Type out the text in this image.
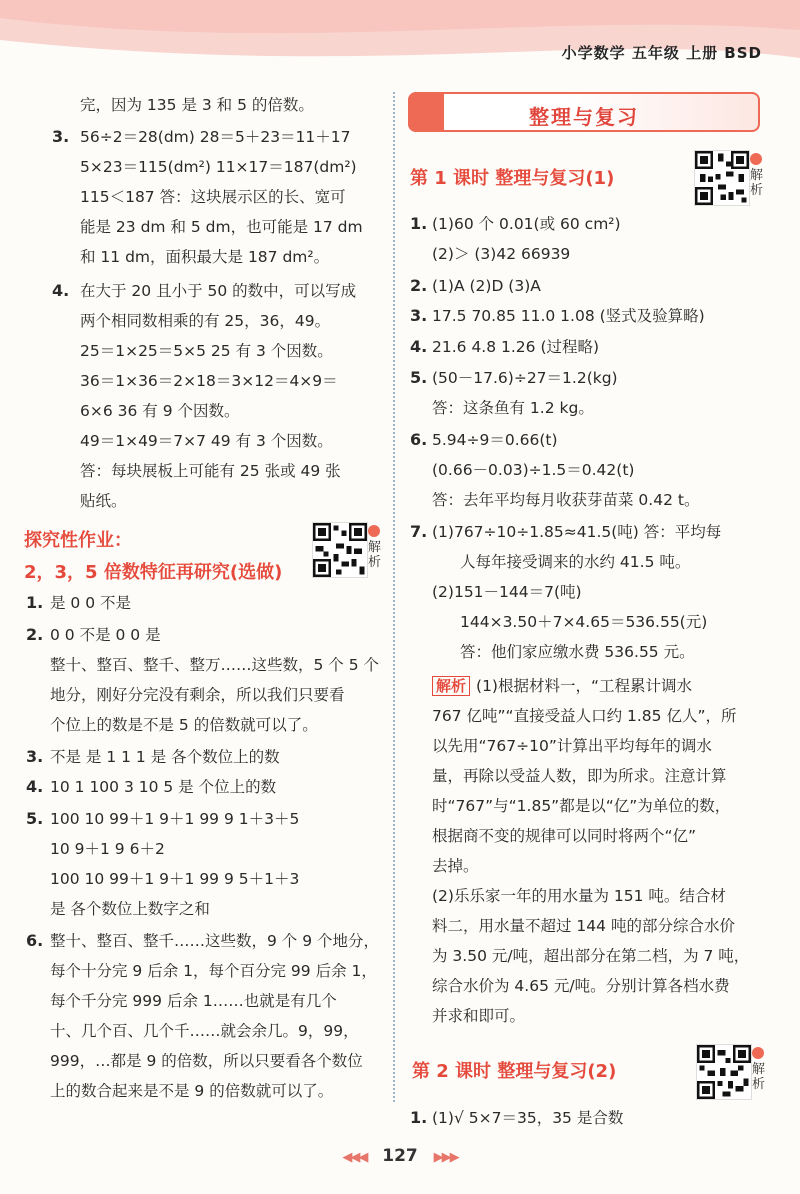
小学数学 五年级 上册 BSD
完，因为 135 是 3 和 5 的倍数。
3. 56÷2＝28(dm) 28＝5＋23＝11＋17
5×23＝115(dm²) 11×17＝187(dm²)
115＜187 答：这块展示区的长、宽可
能是 23 dm 和 5 dm，也可能是 17 dm
和 11 dm，面积最大是 187 dm²。
4. 在大于 20 且小于 50 的数中，可以写成
两个相同数相乘的有 25，36，49。
25＝1×25＝5×5 25 有 3 个因数。
36＝1×36＝2×18＝3×12＝4×9＝
6×6 36 有 9 个因数。
49＝1×49＝7×7 49 有 3 个因数。
答：每块展板上可能有 25 张或 49 张
贴纸。
探究性作业：
2，3，5 倍数特征再研究(选做)
解析
1. 是 0 0 不是
2. 0 0 不是 0 0 是
整十、整百、整千、整万……这些数，5 个 5 个
地分，刚好分完没有剩余，所以我们只要看
个位上的数是不是 5 的倍数就可以了。
3. 不是 是 1 1 1 是 各个数位上的数
4. 10 1 100 3 10 5 是 个位上的数
5. 100 10 99＋1 9＋1 99 9 1＋3＋5
10 9＋1 9 6＋2
100 10 99＋1 9＋1 99 9 5＋1＋3
是 各个数位上数字之和
6. 整十、整百、整千……这些数，9 个 9 个地分，
每个十分完 9 后余 1，每个百分完 99 后余 1，
每个千分完 999 后余 1……也就是有几个
十、几个百、几个千……就会余几。9，99，
999，…都是 9 的倍数，所以只要看各个数位
上的数合起来是不是 9 的倍数就可以了。
整理与复习
第 1 课时 整理与复习(1)	解析
1. (1)60 个 0.01(或 60 cm²)
(2)＞ (3)42 66939
2. (1)A (2)D (3)A
3. 17.5 70.85 11.0 1.08 (竖式及验算略)
4. 21.6 4.8 1.26 (过程略)
5. (50－17.6)÷27＝1.2(kg)
答：这条鱼有 1.2 kg。
6. 5.94÷9＝0.66(t)
(0.66－0.03)÷1.5＝0.42(t)
答：去年平均每月收获芽苗菜 0.42 t。
7. (1)767÷10÷1.85≈41.5(吨) 答：平均每
人每年接受调来的水约 41.5 吨。
(2)151－144＝7(吨)
144×3.50＋7×4.65＝536.55(元)
答：他们家应缴水费 536.55 元。
解析 (1)根据材料一，“工程累计调水
767 亿吨”“直接受益人口约 1.85 亿人”，所
以先用“767÷10”计算出平均每年的调水
量，再除以受益人数，即为所求。注意计算
时“767”与“1.85”都是以“亿”为单位的数，
根据商不变的规律可以同时将两个“亿”
去掉。
(2)乐乐家一年的用水量为 151 吨。结合材
料二，用水量不超过 144 吨的部分综合水价
为 3.50 元/吨，超出部分在第二档，为 7 吨，
综合水价为 4.65 元/吨。分别计算各档水费
并求和即可。
第 2 课时 整理与复习(2)	解析
1. (1)√ 5×7＝35，35 是合数
◀◀◀ 127 ▶▶▶
